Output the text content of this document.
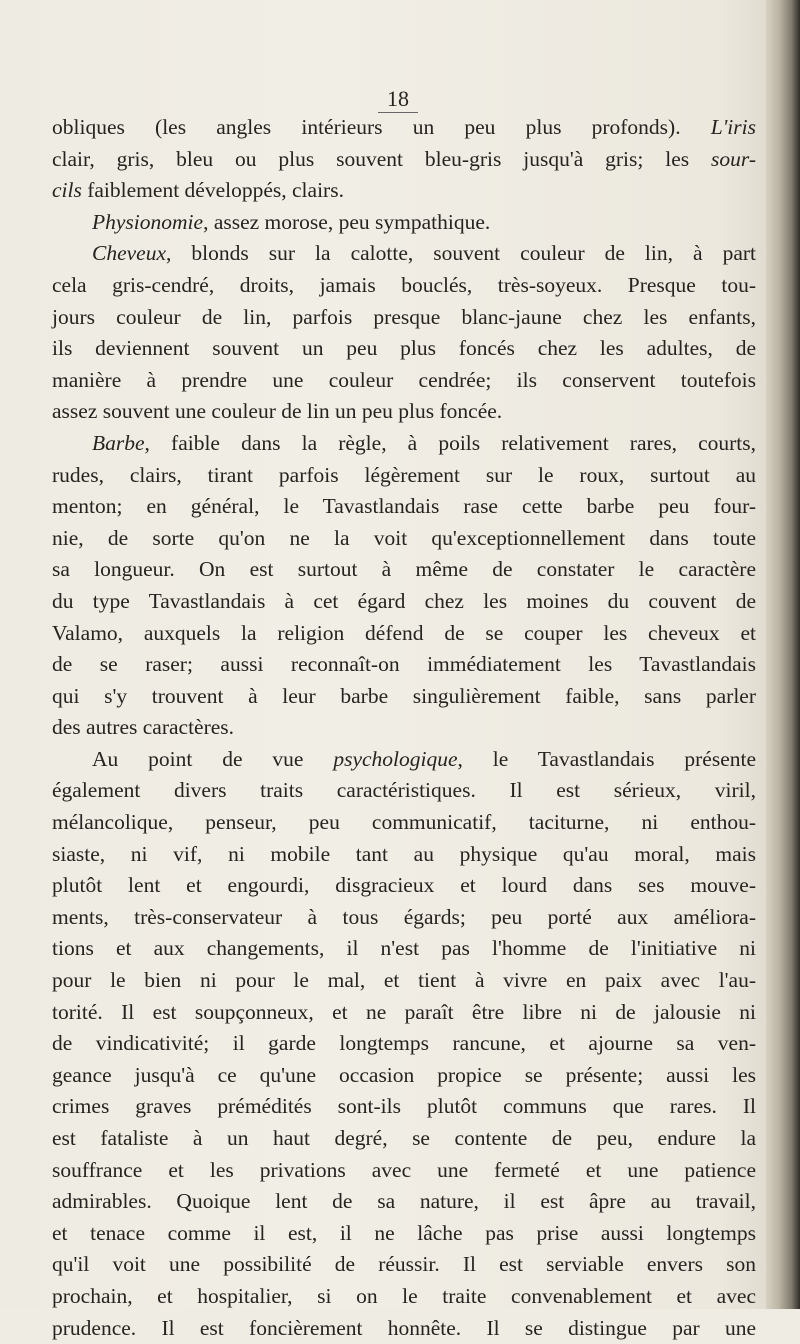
18
obliques (les angles intérieurs un peu plus profonds). L'iris
clair, gris, bleu ou plus souvent bleu-gris jusqu'à gris; les sour-
cils faiblement développés, clairs.
Physionomie, assez morose, peu sympathique.
Cheveux, blonds sur la calotte, souvent couleur de lin, à part
cela gris-cendré, droits, jamais bouclés, très-soyeux. Presque tou-
jours couleur de lin, parfois presque blanc-jaune chez les enfants,
ils deviennent souvent un peu plus foncés chez les adultes, de
manière à prendre une couleur cendrée; ils conservent toutefois
assez souvent une couleur de lin un peu plus foncée.
Barbe, faible dans la règle, à poils relativement rares, courts,
rudes, clairs, tirant parfois légèrement sur le roux, surtout au
menton; en général, le Tavastlandais rase cette barbe peu four-
nie, de sorte qu'on ne la voit qu'exceptionnellement dans toute
sa longueur. On est surtout à même de constater le caractère
du type Tavastlandais à cet égard chez les moines du couvent de
Valamo, auxquels la religion défend de se couper les cheveux et
de se raser; aussi reconnaît-on immédiatement les Tavastlandais
qui s'y trouvent à leur barbe singulièrement faible, sans parler
des autres caractères.
Au point de vue psychologique, le Tavastlandais présente
également divers traits caractéristiques. Il est sérieux, viril,
mélancolique, penseur, peu communicatif, taciturne, ni enthou-
siaste, ni vif, ni mobile tant au physique qu'au moral, mais
plutôt lent et engourdi, disgracieux et lourd dans ses mouve-
ments, très-conservateur à tous égards; peu porté aux améliora-
tions et aux changements, il n'est pas l'homme de l'initiative ni
pour le bien ni pour le mal, et tient à vivre en paix avec l'au-
torité. Il est soupçonneux, et ne paraît être libre ni de jalousie ni
de vindicativité; il garde longtemps rancune, et ajourne sa ven-
geance jusqu'à ce qu'une occasion propice se présente; aussi les
crimes graves prémédités sont-ils plutôt communs que rares. Il
est fataliste à un haut degré, se contente de peu, endure la
souffrance et les privations avec une fermeté et une patience
admirables. Quoique lent de sa nature, il est âpre au travail,
et tenace comme il est, il ne lâche pas prise aussi longtemps
qu'il voit une possibilité de réussir. Il est serviable envers son
prochain, et hospitalier, si on le traite convenablement et avec
prudence. Il est foncièrement honnête. Il se distingue par une
